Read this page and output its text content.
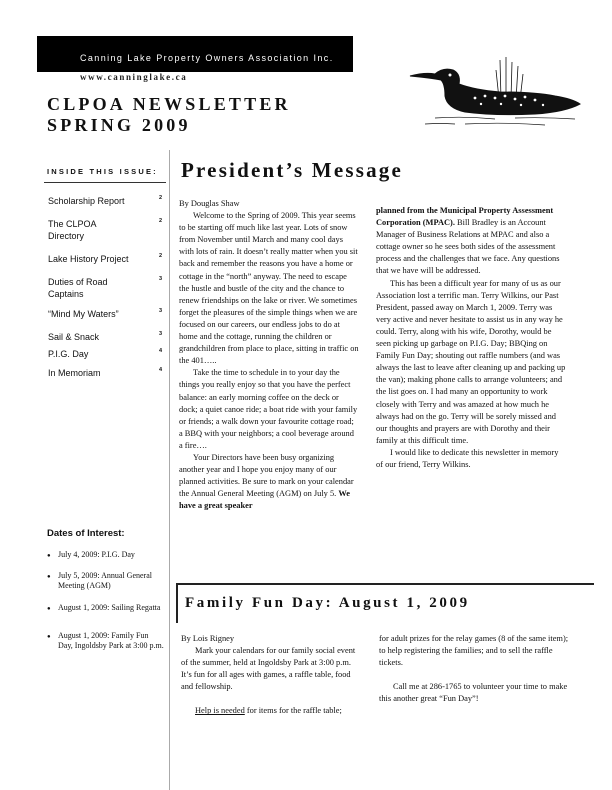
Canning Lake Property Owners Association Inc.
www.canninglake.ca
CLPOA NEWSLETTER
SPRING 2009
INSIDE THIS ISSUE:
Scholarship Report	2
The CLPOA Directory
2
Lake History Project	2
Duties of Road Captains
3
“Mind My Waters”	3
Sail & Snack	3
P.I.G. Day	4
In Memoriam	4
Dates of Interest:
● July 4, 2009: P.I.G. Day
● July 5, 2009: Annual General Meeting (AGM)
● August 1, 2009: Sailing Regatta
● August 1, 2009: Family Fun Day, Ingoldsby Park at 3:00 p.m.
President’s Message

By Douglas Shaw

Welcome to the Spring of 2009. This year seems to be starting off much like last year. Lots of snow from November until March and many cool days with lots of rain. It doesn’t really matter when you sit back and remember the reasons you have a home or cottage in the “north” anyway. The need to escape the hustle and bustle of the city and the chance to renew friendships on the lake or river. We sometimes forget the pleasures of the simple things when we are focused on our careers, our endless jobs to do at home and the cottage, running the children or grandchildren from place to place, sitting in traffic on the 401…..

Take the time to schedule in to your day the things you really enjoy so that you have the perfect balance: an early morning coffee on the deck or dock; a quiet canoe ride; a boat ride with your family or friends; a walk down your favourite cottage road; a BBQ with your neighbors; a cool beverage around a fire….

Your Directors have been busy organizing another year and I hope you enjoy many of our planned activities. Be sure to mark on your calendar the Annual General Meeting (AGM) on July 5. We have a great speaker

planned from the Municipal Property Assessment Corporation (MPAC). Bill Bradley is an Account Manager of Business Relations at MPAC and also a cottage owner so he sees both sides of the assessment process and the challenges that we face. Any questions that we have will be addressed.

This has been a difficult year for many of us as our Association lost a terrific man. Terry Wilkins, our Past President, passed away on March 1, 2009. Terry was very active and never hesitate to assist us in any way he could. Terry, along with his wife, Dorothy, would be seen picking up garbage on P.I.G. Day; BBQing on Family Fun Day; shouting out raffle numbers (and was always the last to leave after cleaning up and packing up the van); making phone calls to arrange volunteers; and the list goes on. I had many an opportunity to work closely with Terry and was amazed at how much he always had on the go. Terry will be sorely missed and our thoughts and prayers are with Dorothy and their family at this difficult time.

I would like to dedicate this newsletter in memory of our friend, Terry Wilkins.

Family Fun Day: August 1, 2009

By Lois Rigney

Mark your calendars for our family social event of the summer, held at Ingoldsby Park at 3:00 p.m. It’s fun for all ages with games, a raffle table, food and fellowship.

Help is needed for items for the raffle table;

for adult prizes for the relay games (8 of the same item); to help registering the families; and to sell the raffle tickets.

Call me at 286-1765 to volunteer your time to make this another great “Fun Day”!
